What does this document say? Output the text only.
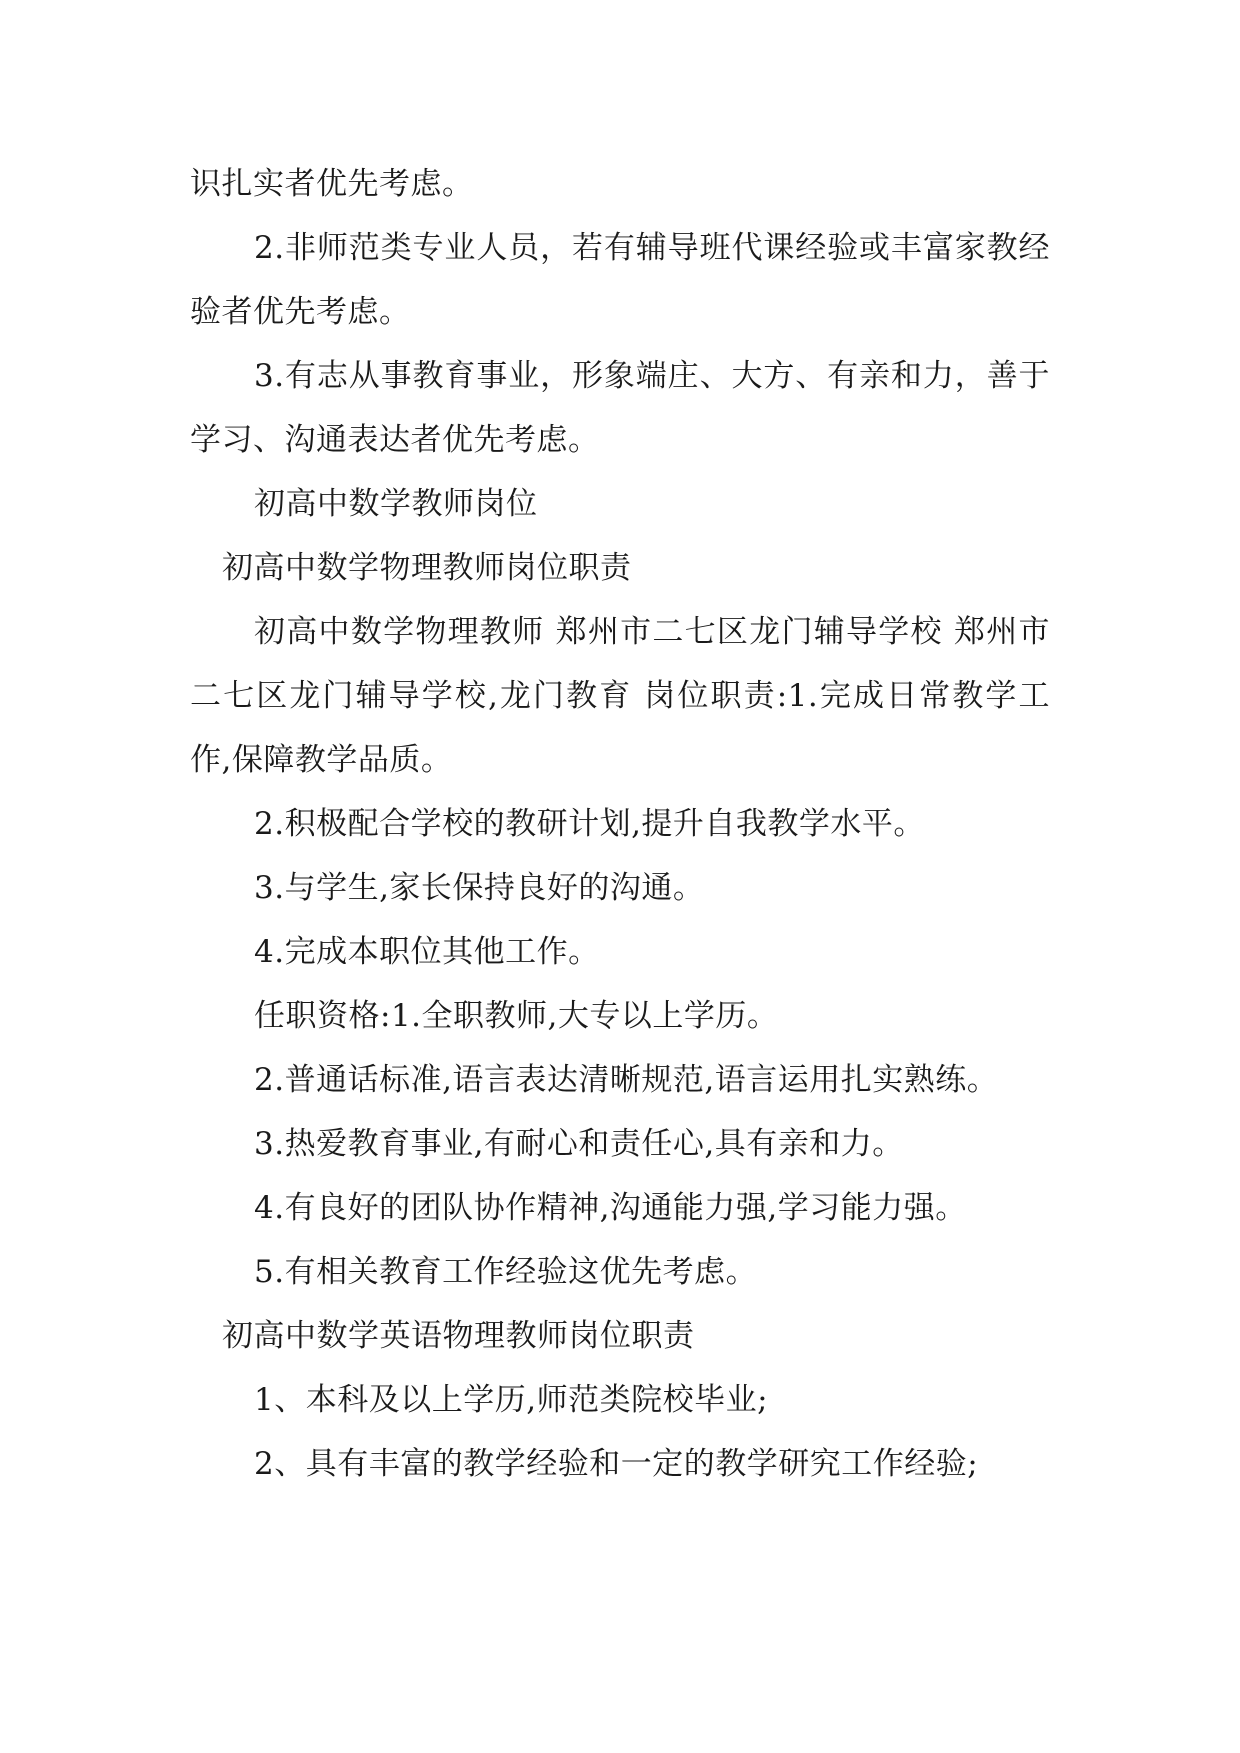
识扎实者优先考虑。

2.非师范类专业人员，若有辅导班代课经验或丰富家教经验者优先考虑。

3.有志从事教育事业，形象端庄、大方、有亲和力，善于学习、沟通表达者优先考虑。

初高中数学教师岗位

初高中数学物理教师岗位职责

初高中数学物理教师 郑州市二七区龙门辅导学校 郑州市二七区龙门辅导学校,龙门教育 岗位职责:1.完成日常教学工作,保障教学品质。

2.积极配合学校的教研计划,提升自我教学水平。

3.与学生,家长保持良好的沟通。

4.完成本职位其他工作。

任职资格:1.全职教师,大专以上学历。

2.普通话标准,语言表达清晰规范,语言运用扎实熟练。

3.热爱教育事业,有耐心和责任心,具有亲和力。

4.有良好的团队协作精神,沟通能力强,学习能力强。

5.有相关教育工作经验这优先考虑。

初高中数学英语物理教师岗位职责

1、本科及以上学历,师范类院校毕业;

2、具有丰富的教学经验和一定的教学研究工作经验;
